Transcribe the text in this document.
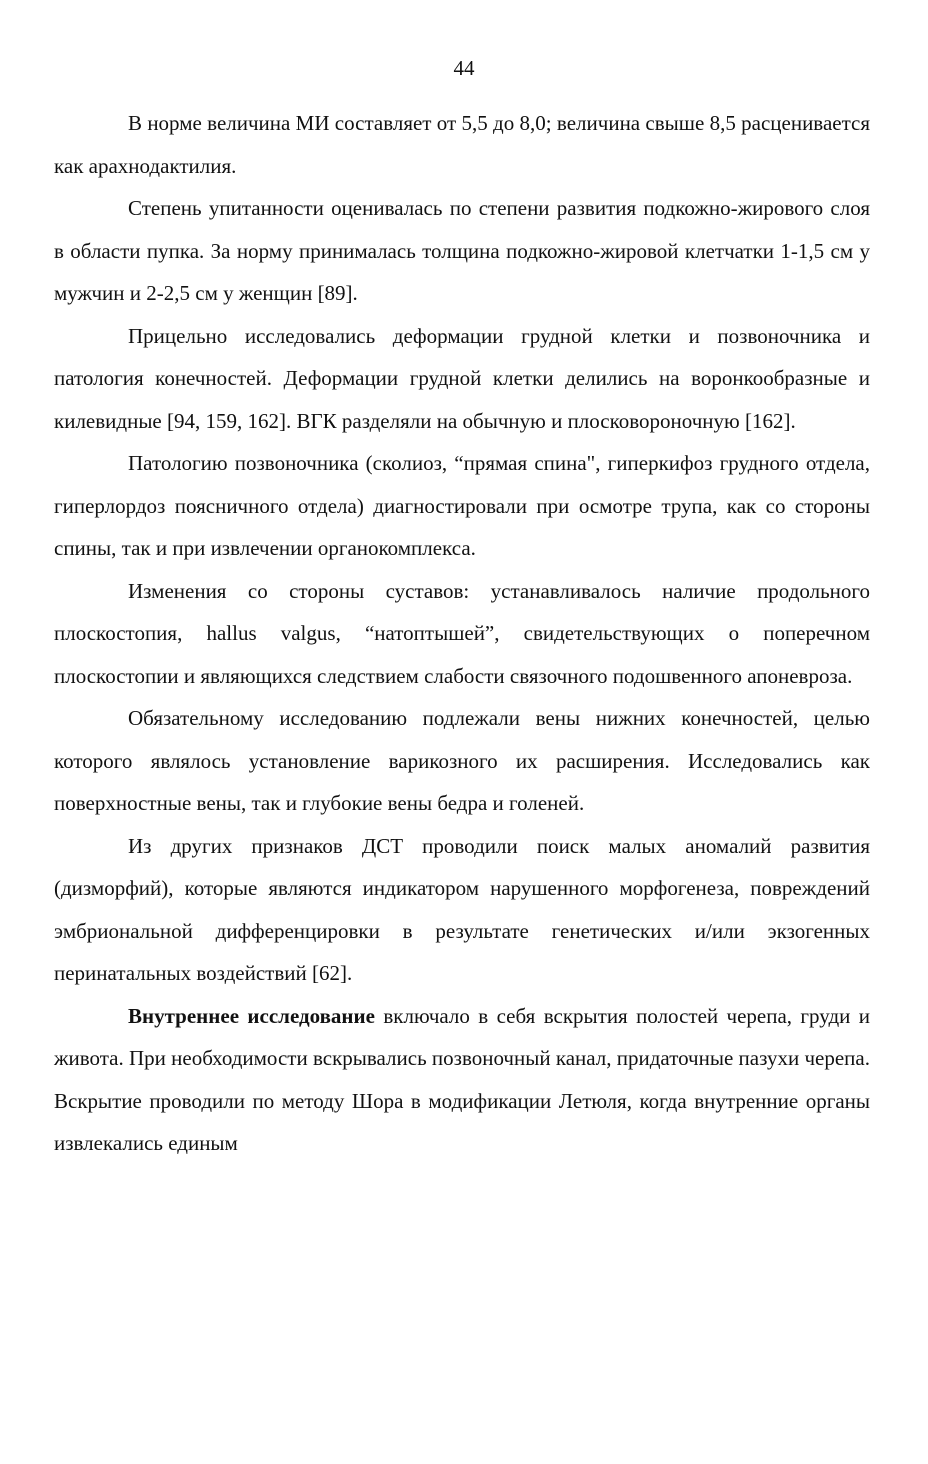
44

В норме величина МИ составляет от 5,5 до 8,0; величина свыше 8,5 расценивается как арахнодактилия.

Степень упитанности оценивалась по степени развития подкожно-жирового слоя в области пупка. За норму принималась толщина подкожно-жировой клетчатки 1-1,5 см у мужчин и 2-2,5 см у женщин [89].

Прицельно исследовались деформации грудной клетки и позвоночника и патология конечностей. Деформации грудной клетки делились на воронкообразные и килевидные [94, 159, 162]. ВГК разделяли на обычную и плосковороночную [162].

Патологию позвоночника (сколиоз, “прямая спина", гиперкифоз грудного отдела, гиперлордоз поясничного отдела) диагностировали при осмотре трупа, как со стороны спины, так и при извлечении органокомплекса.

Изменения со стороны суставов: устанавливалось наличие продольного плоскостопия, hallus valgus, “натоптышей”, свидетельствующих о поперечном плоскостопии и являющихся следствием слабости связочного подошвенного апоневроза.

Обязательному исследованию подлежали вены нижних конечностей, целью которого являлось установление варикозного их расширения. Исследовались как поверхностные вены, так и глубокие вены бедра и голеней.

Из других признаков ДСТ проводили поиск малых аномалий развития (дизморфий), которые являются индикатором нарушенного морфогенеза, повреждений эмбриональной дифференцировки в результате генетических и/или экзогенных перинатальных воздействий [62].

Внутреннее исследование включало в себя вскрытия полостей черепа, груди и живота. При необходимости вскрывались позвоночный канал, придаточные пазухи черепа. Вскрытие проводили по методу Шора в модификации Летюля, когда внутренние органы извлекались единым
